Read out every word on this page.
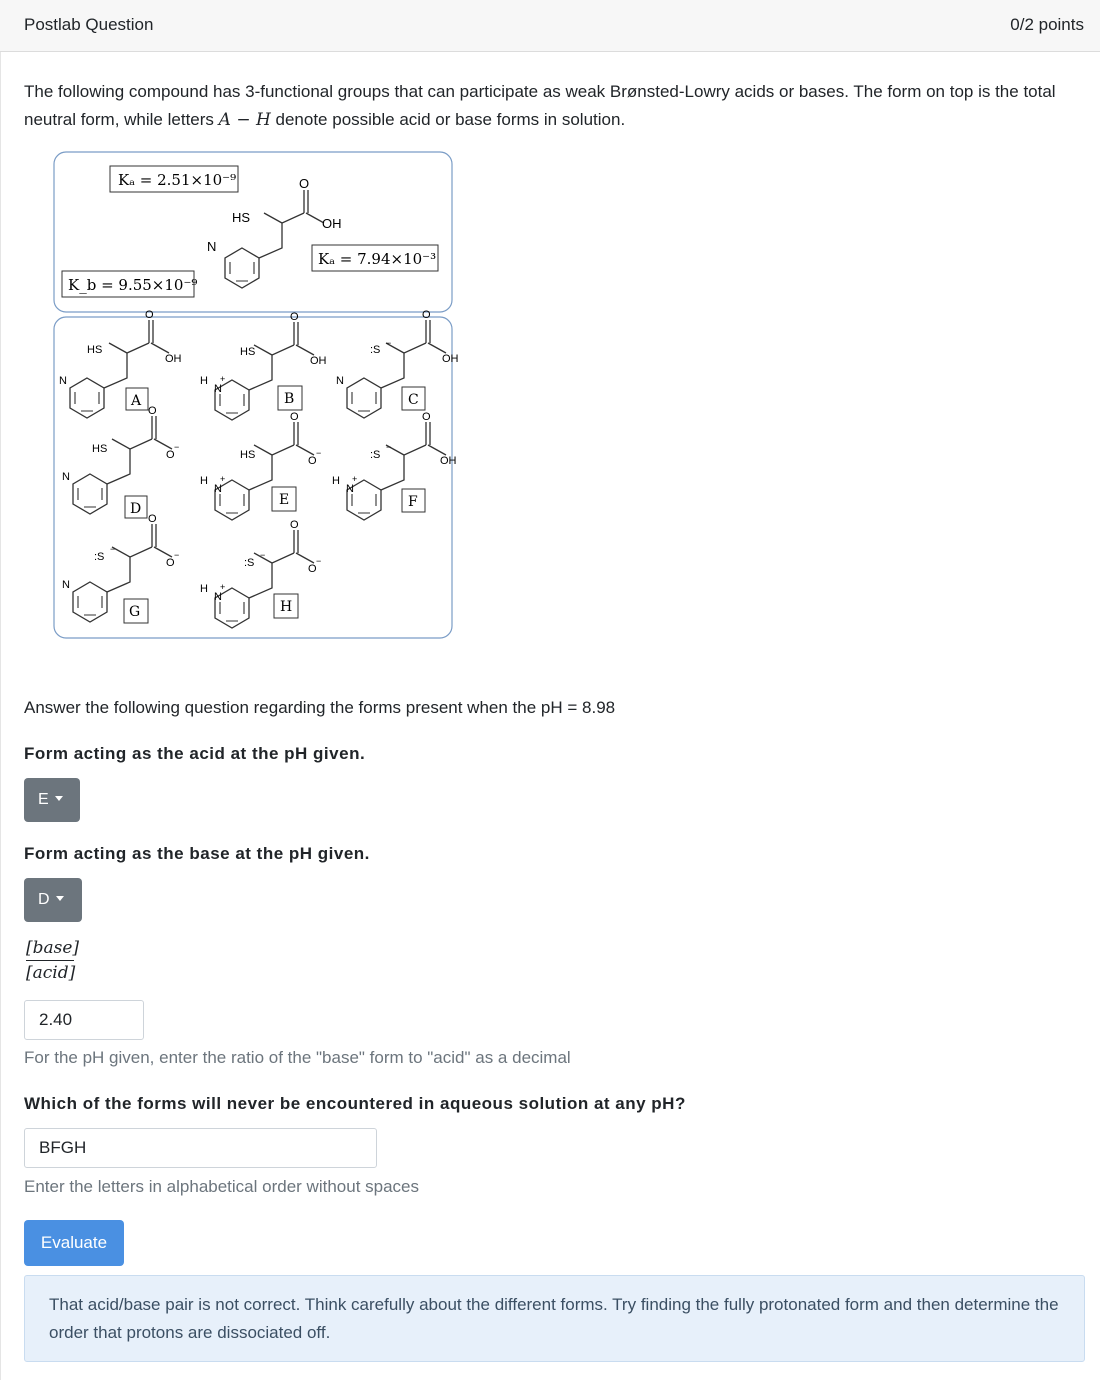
Postlab Question	0/2 points
The following compound has 3-functional groups that can participate as weak Brønsted-Lowry acids or bases. The form on top is the total neutral form, while letters A − H denote possible acid or base forms in solution.
N
HS
O
OH
Kₐ = 2.51×10⁻⁹
Kₐ = 7.94×10⁻³
K_b = 9.55×10⁻⁹
N
HS
O
OH
A
H
N
+
HS
O
OH
B
N
:S
−
O
OH
C
N
HS
O
O
−
D
H
N
+
HS
O
O
−
E
H
N
+
:S
−
O
OH
F
N
:S
−
O
O
−
G
H
N
+
:S
−
O
O
−
H
Answer the following question regarding the forms present when the pH = 8.98
Form acting as the acid at the pH given.
E
Form acting as the base at the pH given.
D
[base]
[acid]
2.40
For the pH given, enter the ratio of the "base" form to "acid" as a decimal
Which of the forms will never be encountered in aqueous solution at any pH?
BFGH
Enter the letters in alphabetical order without spaces
Evaluate
That acid/base pair is not correct. Think carefully about the different forms. Try finding the fully protonated form and then determine the order that protons are dissociated off.
